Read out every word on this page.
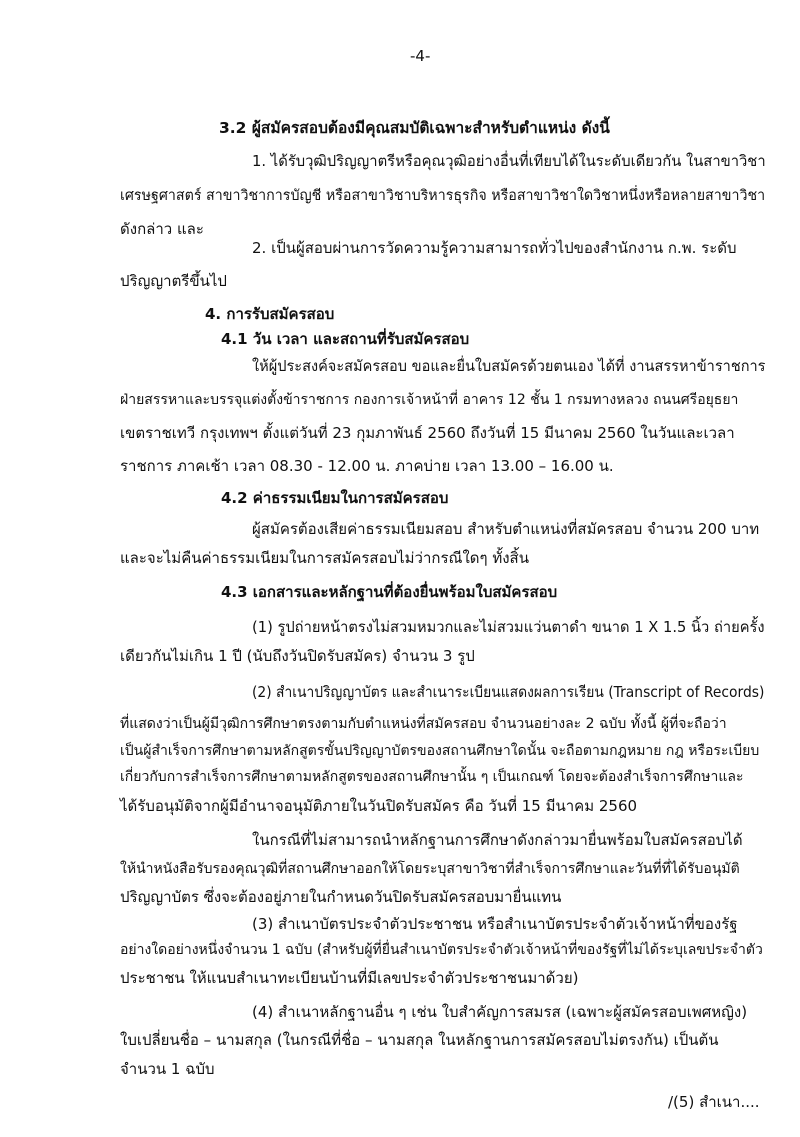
-4-
3.2 ผู้สมัครสอบต้องมีคุณสมบัติเฉพาะสำหรับตำแหน่ง ดังนี้
1. ได้รับวุฒิปริญญาตรีหรือคุณวุฒิอย่างอื่นที่เทียบได้ในระดับเดียวกัน ในสาขาวิชา
เศรษฐศาสตร์ สาขาวิชาการบัญชี หรือสาขาวิชาบริหารธุรกิจ หรือสาขาวิชาใดวิชาหนึ่งหรือหลายสาขาวิชา
ดังกล่าว และ
2. เป็นผู้สอบผ่านการวัดความรู้ความสามารถทั่วไปของสำนักงาน ก.พ. ระดับ
ปริญญาตรีขึ้นไป
4. การรับสมัครสอบ
4.1 วัน เวลา และสถานที่รับสมัครสอบ
ให้ผู้ประสงค์จะสมัครสอบ ขอและยื่นใบสมัครด้วยตนเอง ได้ที่ งานสรรหาข้าราชการ
ฝ่ายสรรหาและบรรจุแต่งตั้งข้าราชการ กองการเจ้าหน้าที่ อาคาร 12 ชั้น 1 กรมทางหลวง ถนนศรีอยุธยา
เขตราชเทวี กรุงเทพฯ ตั้งแต่วันที่ 23 กุมภาพันธ์ 2560 ถึงวันที่ 15 มีนาคม 2560 ในวันและเวลา
ราชการ ภาคเช้า เวลา 08.30 - 12.00 น. ภาคบ่าย เวลา 13.00 – 16.00 น.
4.2 ค่าธรรมเนียมในการสมัครสอบ
ผู้สมัครต้องเสียค่าธรรมเนียมสอบ สำหรับตำแหน่งที่สมัครสอบ จำนวน 200 บาท
และจะไม่คืนค่าธรรมเนียมในการสมัครสอบไม่ว่ากรณีใดๆ ทั้งสิ้น
4.3 เอกสารและหลักฐานที่ต้องยื่นพร้อมใบสมัครสอบ
(1) รูปถ่ายหน้าตรงไม่สวมหมวกและไม่สวมแว่นตาดำ ขนาด 1 X 1.5 นิ้ว ถ่ายครั้ง
เดียวกันไม่เกิน 1 ปี (นับถึงวันปิดรับสมัคร) จำนวน 3 รูป
(2) สำเนาปริญญาบัตร และสำเนาระเบียนแสดงผลการเรียน (Transcript of Records)
ที่แสดงว่าเป็นผู้มีวุฒิการศึกษาตรงตามกับตำแหน่งที่สมัครสอบ จำนวนอย่างละ 2 ฉบับ ทั้งนี้ ผู้ที่จะถือว่า
เป็นผู้สำเร็จการศึกษาตามหลักสูตรขั้นปริญญาบัตรของสถานศึกษาใดนั้น จะถือตามกฎหมาย กฎ หรือระเบียบ
เกี่ยวกับการสำเร็จการศึกษาตามหลักสูตรของสถานศึกษานั้น ๆ เป็นเกณฑ์ โดยจะต้องสำเร็จการศึกษาและ
ได้รับอนุมัติจากผู้มีอำนาจอนุมัติภายในวันปิดรับสมัคร คือ วันที่ 15 มีนาคม 2560
ในกรณีที่ไม่สามารถนำหลักฐานการศึกษาดังกล่าวมายื่นพร้อมใบสมัครสอบได้
ให้นำหนังสือรับรองคุณวุฒิที่สถานศึกษาออกให้โดยระบุสาขาวิชาที่สำเร็จการศึกษาและวันที่ที่ได้รับอนุมัติ
ปริญญาบัตร ซึ่งจะต้องอยู่ภายในกำหนดวันปิดรับสมัครสอบมายื่นแทน
(3) สำเนาบัตรประจำตัวประชาชน หรือสำเนาบัตรประจำตัวเจ้าหน้าที่ของรัฐ
อย่างใดอย่างหนึ่งจำนวน 1 ฉบับ (สำหรับผู้ที่ยื่นสำเนาบัตรประจำตัวเจ้าหน้าที่ของรัฐที่ไม่ได้ระบุเลขประจำตัว
ประชาชน ให้แนบสำเนาทะเบียนบ้านที่มีเลขประจำตัวประชาชนมาด้วย)
(4) สำเนาหลักฐานอื่น ๆ เช่น ใบสำคัญการสมรส (เฉพาะผู้สมัครสอบเพศหญิง)
ใบเปลี่ยนชื่อ – นามสกุล (ในกรณีที่ชื่อ – นามสกุล ในหลักฐานการสมัครสอบไม่ตรงกัน) เป็นต้น
จำนวน 1 ฉบับ
/(5) สำเนา....
